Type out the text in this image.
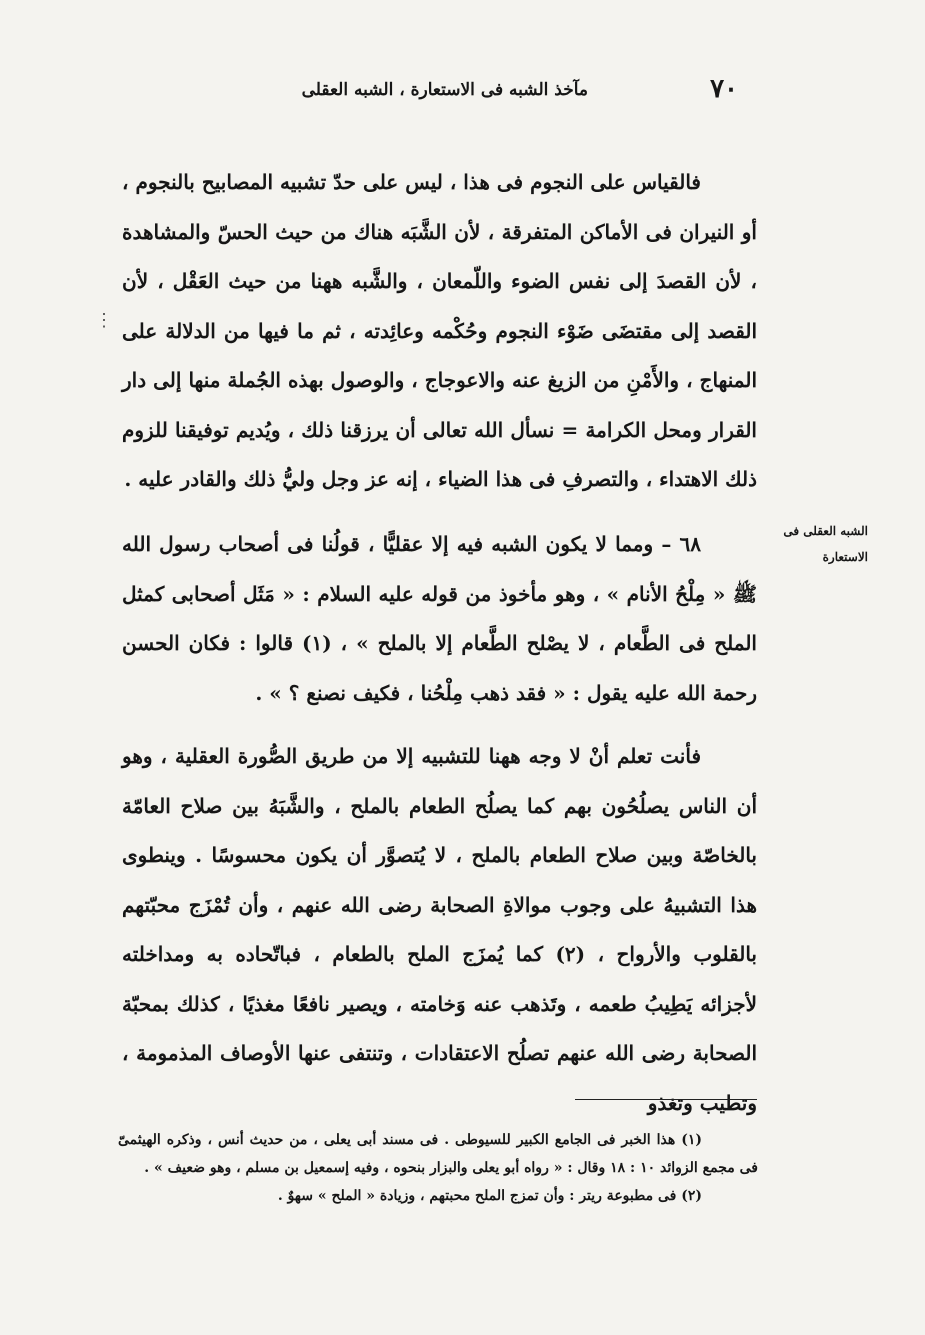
٧٠
مآخذ الشبه فى الاستعارة ، الشبه العقلى
⋮

فالقياس على النجوم فى هذا ، ليس على حدّ تشبيه المصابيح بالنجوم ، أو النيران فى الأماكن المتفرقة ، لأن الشَّبَه هناك من حيث الحسّ والمشاهدة ، لأن القصدَ إلى نفس الضوء واللّمعان ، والشَّبه ههنا من حيث العَقْل ، لأن القصد إلى مقتضَى ضَوْء النجوم وحُكْمه وعائِدته ، ثم ما فيها من الدلالة على المنهاج ، والأَمْنِ من الزيغ عنه والاعوجاج ، والوصول بهذه الجُملة منها إلى دار القرار ومحل الكرامة = نسأل الله تعالى أن يرزقنا ذلك ، ويُديم توفيقنا للزوم ذلك الاهتداء ، والتصرفِ فى هذا الضياء ، إنه عز وجل وليُّ ذلك والقادر عليه .

الشبه العقلى فى الاستعارة

٦٨ – ومما لا يكون الشبه فيه إلا عقليًّا ، قولُنا فى أصحاب رسول الله ﷺ « مِلْحُ الأنام » ، وهو مأخوذ من قوله عليه السلام : « مَثَل أصحابى كمثل الملح فى الطَّعام ، لا يصْلح الطَّعام إلا بالملح » ، (١) قالوا : فكان الحسن رحمة الله عليه يقول : « فقد ذهب مِلْحُنا ، فكيف نصنع ؟ » .

فأنت تعلم أنْ لا وجه ههنا للتشبيه إلا من طريق الصُّورة العقلية ، وهو أن الناس يصلُحُون بهم كما يصلُح الطعام بالملح ، والشَّبَهُ بين صلاح العامّة بالخاصّة وبين صلاح الطعام بالملح ، لا يُتصوَّر أن يكون محسوسًا . وينطوى هذا التشبيهُ على وجوب موالاةِ الصحابة رضى الله عنهم ، وأن تُمْزَج محبّتهم بالقلوب والأرواح ، (٢) كما يُمزَج الملح بالطعام ، فباتّحاده به ومداخلته لأجزائه يَطِيبُ طعمه ، وتَذهب عنه وَخامته ، ويصير نافعًا مغذيًا ، كذلك بمحبّة الصحابة رضى الله عنهم تصلُح الاعتقادات ، وتنتفى عنها الأوصاف المذمومة ، وتطيب وتغذو

(١) هذا الخبر فى الجامع الكبير للسيوطى . فى مسند أبى يعلى ، من حديث أنس ، وذكره الهيثمىّ فى مجمع الزوائد ١٠ : ١٨ وقال : « رواه أبو يعلى والبزار بنحوه ، وفيه إسمعيل بن مسلم ، وهو ضعيف » .

(٢) فى مطبوعة ريتر : وأن تمزج الملح محبتهم ، وزيادة « الملح » سهوٌ .
